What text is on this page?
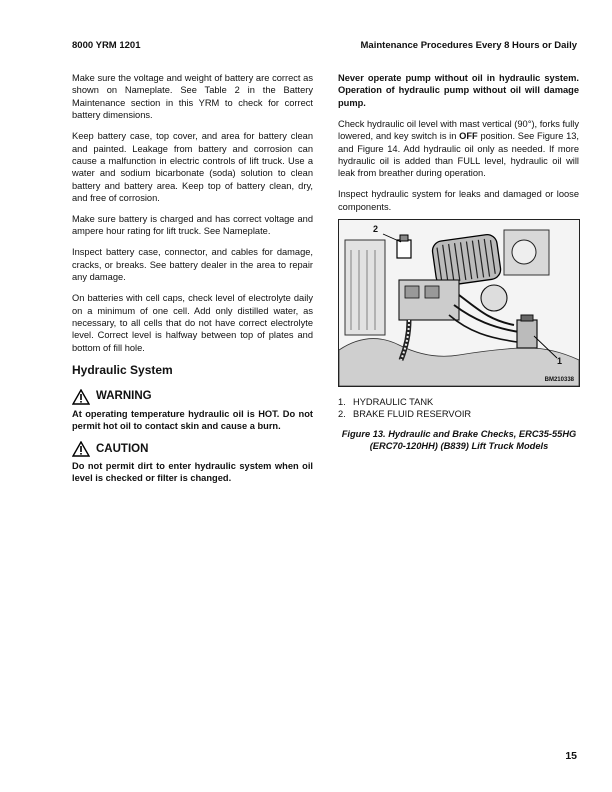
8000 YRM 1201	Maintenance Procedures Every 8 Hours or Daily

Make sure the voltage and weight of battery are correct as shown on Nameplate. See Table 2 in the Battery Maintenance section in this YRM to check for correct battery dimensions.

Keep battery case, top cover, and area for battery clean and painted. Leakage from battery and corrosion can cause a malfunction in electric controls of lift truck. Use a water and sodium bicarbonate (soda) solution to clean battery and battery area. Keep top of battery clean, dry, and free of corrosion.

Make sure battery is charged and has correct voltage and ampere hour rating for lift truck. See Nameplate.

Inspect battery case, connector, and cables for damage, cracks, or breaks. See battery dealer in the area to repair any damage.

On batteries with cell caps, check level of electrolyte daily on a minimum of one cell. Add only distilled water, as necessary, to all cells that do not have correct electrolyte level. Correct level is halfway between top of plates and bottom of fill hole.

Hydraulic System
WARNING

At operating temperature hydraulic oil is HOT. Do not permit hot oil to contact skin and cause a burn.

CAUTION

Do not permit dirt to enter hydraulic system when oil level is checked or filter is changed.

Never operate pump without oil in hydraulic system. Operation of hydraulic pump without oil will damage pump.

Check hydraulic oil level with mast vertical (90°), forks fully lowered, and key switch is in OFF position. See Figure 13, and Figure 14. Add hydraulic oil only as needed. If more hydraulic oil is added than FULL level, hydraulic oil will leak from breather during operation.

Inspect hydraulic system for leaks and damaged or loose components.

2
1
BM210338
1. HYDRAULIC TANK
2. BRAKE FLUID RESERVOIR
Figure 13. Hydraulic and Brake Checks, ERC35-55HG (ERC70-120HH) (B839) Lift Truck Models
15
